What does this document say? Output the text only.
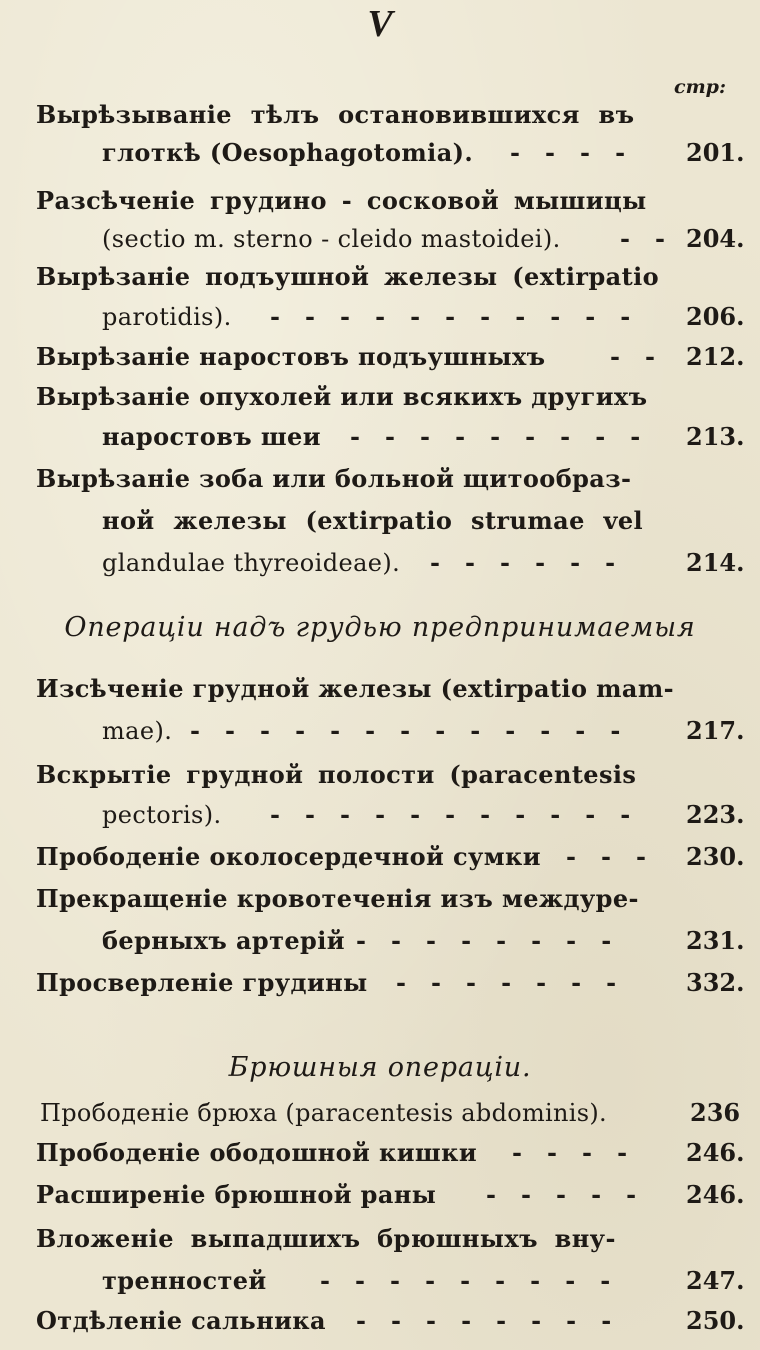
V
стр:
Вырѣзываніе тѣлъ остановившихся въ
глоткѣ (Oesophagotomia). -   -   -   -	201.
Разсѣченіе грудино - сосковой мышицы
(sectio m. sterno - cleido mastoidei). -   - 204.
Вырѣзаніе подъушной железы (extirpatio
parotidis). -   -   -   -   -   -   -   -   -   -   -	206.
Вырѣзаніе наростовъ подъушныхъ	-   -	212.
Вырѣзаніе опухолей или всякихъ другихъ
наростовъ шеи -   -   -   -   -   -   -   -   -	213.
Вырѣзаніе зоба или больной щитообраз-
ной железы (extirpatio strumae vel
glandulae thyreoideae). -   -   -   -   -   -	214.
Операціи надъ грудью предпринимаемыя
Изсѣченіе грудной железы (extirpatio mam-
mae). -   -   -   -   -   -   -   -   -   -   -   -   -	217.
Вскрытіе грудной полости (paracentesis
pectoris). -   -   -   -   -   -   -   -   -   -   -	223.
Прободеніе околосердечной сумки -   -   -	230.
Прекращеніе кровотеченія изъ междуре-
берныхъ артерій -   -   -   -   -   -   -   -	231.
Просверленіе грудины -   -   -   -   -   -   -	332.
Брюшныя операціи.
Прободеніе брюха (paracentesis abdominis).	236
Прободеніе ободошной кишки -   -   -   -	246.
Расширеніе брюшной раны -   -   -   -   -	246.
Вложеніе выпадшихъ брюшныхъ вну-
тренностей -   -   -   -   -   -   -   -   -	247.
Отдѣленіе сальника -   -   -   -   -   -   -   -	250.
